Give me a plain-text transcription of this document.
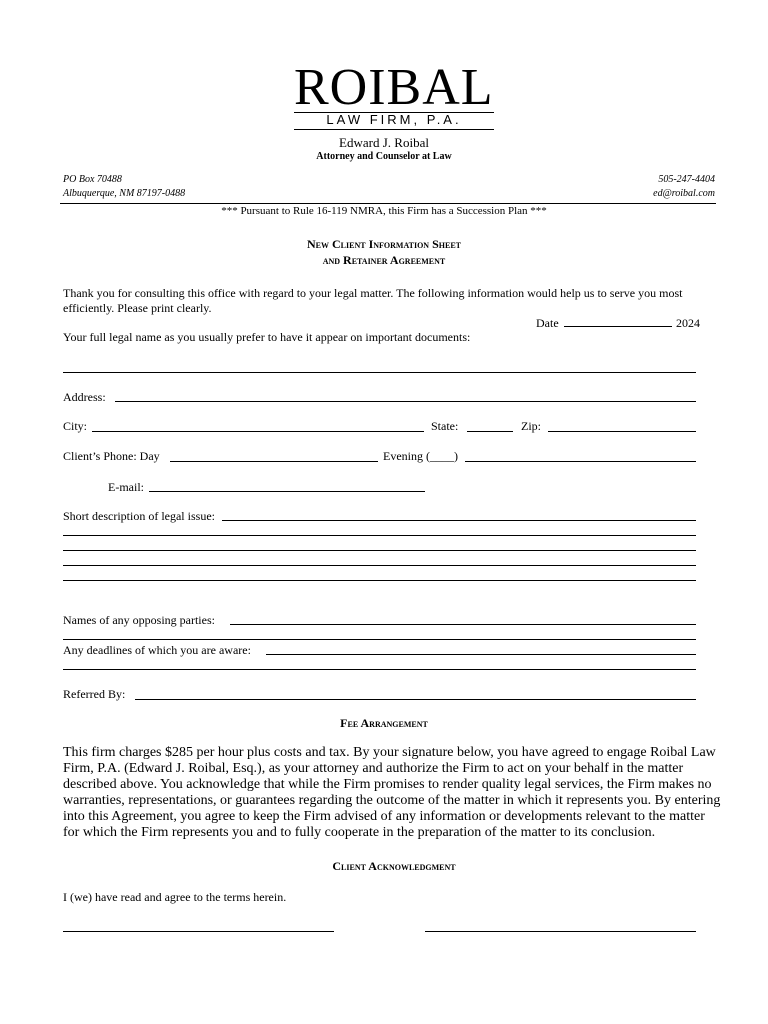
ROIBAL
LAW FIRM, P.A.
Edward J. Roibal
Attorney and Counselor at Law
PO Box 70488
Albuquerque, NM 87197-0488
505-247-4404
ed@roibal.com
*** Pursuant to Rule 16-119 NMRA, this Firm has a Succession Plan ***
New Client Information Sheet
and Retainer Agreement
Thank you for consulting this office with regard to your legal matter. The following information would help us to serve you most efficiently. Please print clearly.
Date	2024
Your full legal name as you usually prefer to have it appear on important documents:
Address:
City:	State:	Zip:
Client’s Phone: Day	Evening (____)
E-mail:
Short description of legal issue:
Names of any opposing parties:
Any deadlines of which you are aware:
Referred By:
Fee Arrangement
This firm charges $285 per hour plus costs and tax. By your signature below, you have agreed to engage Roibal Law Firm, P.A. (Edward J. Roibal, Esq.), as your attorney and authorize the Firm to act on your behalf in the matter described above. You acknowledge that while the Firm promises to render quality legal services, the Firm makes no warranties, representations, or guarantees regarding the outcome of the matter in which it represents you. By entering into this Agreement, you agree to keep the Firm advised of any information or developments relevant to the matter for which the Firm represents you and to fully cooperate in the preparation of the matter to its conclusion.
Client Acknowledgment
I (we) have read and agree to the terms herein.
